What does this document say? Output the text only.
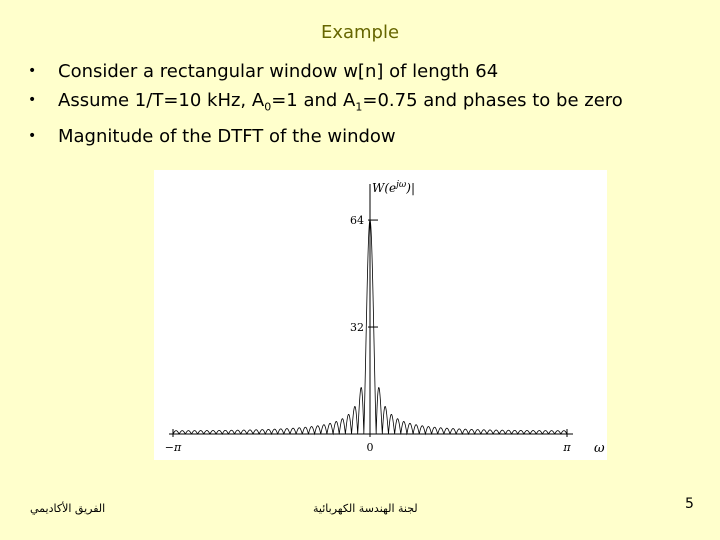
Example
• Consider a rectangular window w[n] of length 64
• Assume 1/T=10 kHz, $A_0=1$ and $A_1=0.75$ and phases to be zero
• Magnitude of the DTFT of the window
64
32
−π	0	π
$W(e^{j\omega})|$
ω
الفريق الأكاديمي	لجنة الهندسة الكهربائية	5
